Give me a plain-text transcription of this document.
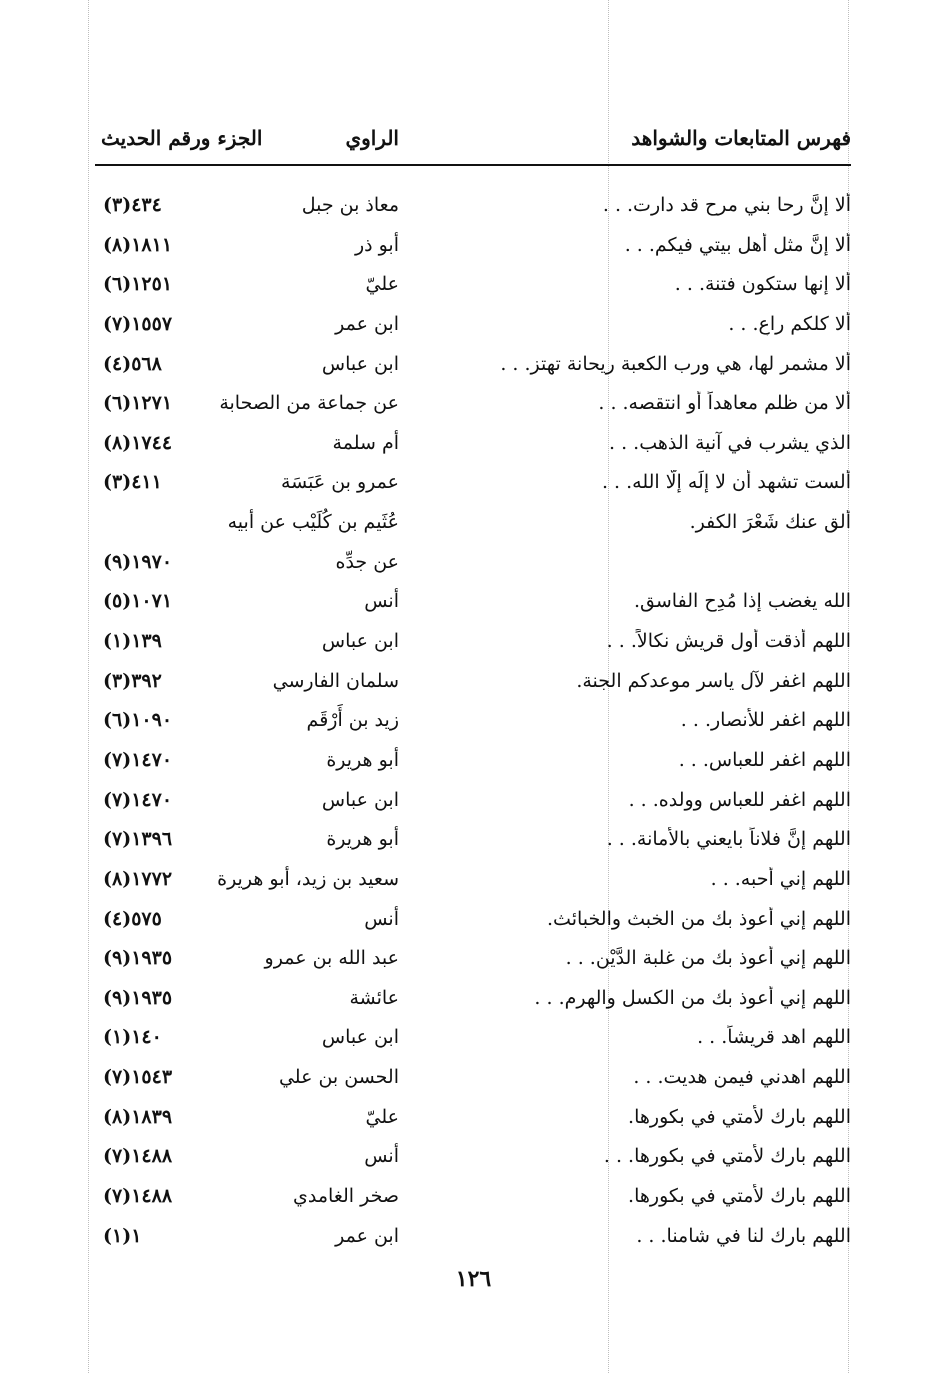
فهرس المتابعات والشواهد
الراوي
الجزء ورقم الحديث
ألا إنَّ رحا بني مرح قد دارت. . .
معاذ بن جبل
٤٣٤(٣)
ألا إنَّ مثل أهل بيتي فيكم. . .
أبو ذر
١٨١١(٨)
ألا إنها ستكون فتنة. . .
عليّ
١٢٥١(٦)
ألا كلكم راعٍ. . .
ابن عمر
١٥٥٧(٧)
ألا مشمر لها، هي ورب الكعبة ريحانة تهتز. . .
ابن عباس
٥٦٨(٤)
ألا من ظلم معاهداً أو انتقصه. . .
عن جماعة من الصحابة
١٢٧١(٦)
الذي يشرب في آنية الذهب. . .
أم سلمة
١٧٤٤(٨)
ألست تشهد أن لا إلَه إلَّا الله. . .
عمرو بن عَبَسَة
٤١١(٣)
ألق عنك شَعْرَ الكفر.
عُثَيم بن كُلَيْب عن أبيه
عن جدِّه
١٩٧٠(٩)
الله يغضب إذا مُدِح الفاسق.
أنس
١٠٧١(٥)
اللهم أذقت أول قريش نكالاً. . .
ابن عباس
١٣٩(١)
اللهم اغفر لآل ياسر موعدكم الجنة.
سلمان الفارسي
٣٩٢(٣)
اللهم اغفر للأنصار. . .
زيد بن أَرْقَم
١٠٩٠(٦)
اللهم اغفر للعباس. . .
أبو هريرة
١٤٧٠(٧)
اللهم اغفر للعباس وولده. . .
ابن عباس
١٤٧٠(٧)
اللهم إنَّ فلاناً بايعني بالأمانة. . .
أبو هريرة
١٣٩٦(٧)
اللهم إني أحبه. . .
سعيد بن زيد، أبو هريرة
١٧٧٢(٨)
اللهم إني أعوذ بك من الخبث والخبائث.
أنس
٥٧٥(٤)
اللهم إني أعوذ بك من غلبة الدَّيْن. . .
عبد الله بن عمرو
١٩٣٥(٩)
اللهم إني أعوذ بك من الكسل والهرم. . .
عائشة
١٩٣٥(٩)
اللهم اهد قريشاً. . .
ابن عباس
١٤٠(١)
اللهم اهدني فيمن هديت. . .
الحسن بن علي
١٥٤٣(٧)
اللهم بارك لأمتي في بكورها.
عليّ
١٨٣٩(٨)
اللهم بارك لأمتي في بكورها. . .
أنس
١٤٨٨(٧)
اللهم بارك لأمتي في بكورها.
صخر الغامدي
١٤٨٨(٧)
اللهم بارك لنا في شامنا. . .
ابن عمر
١(١)
١٢٦
